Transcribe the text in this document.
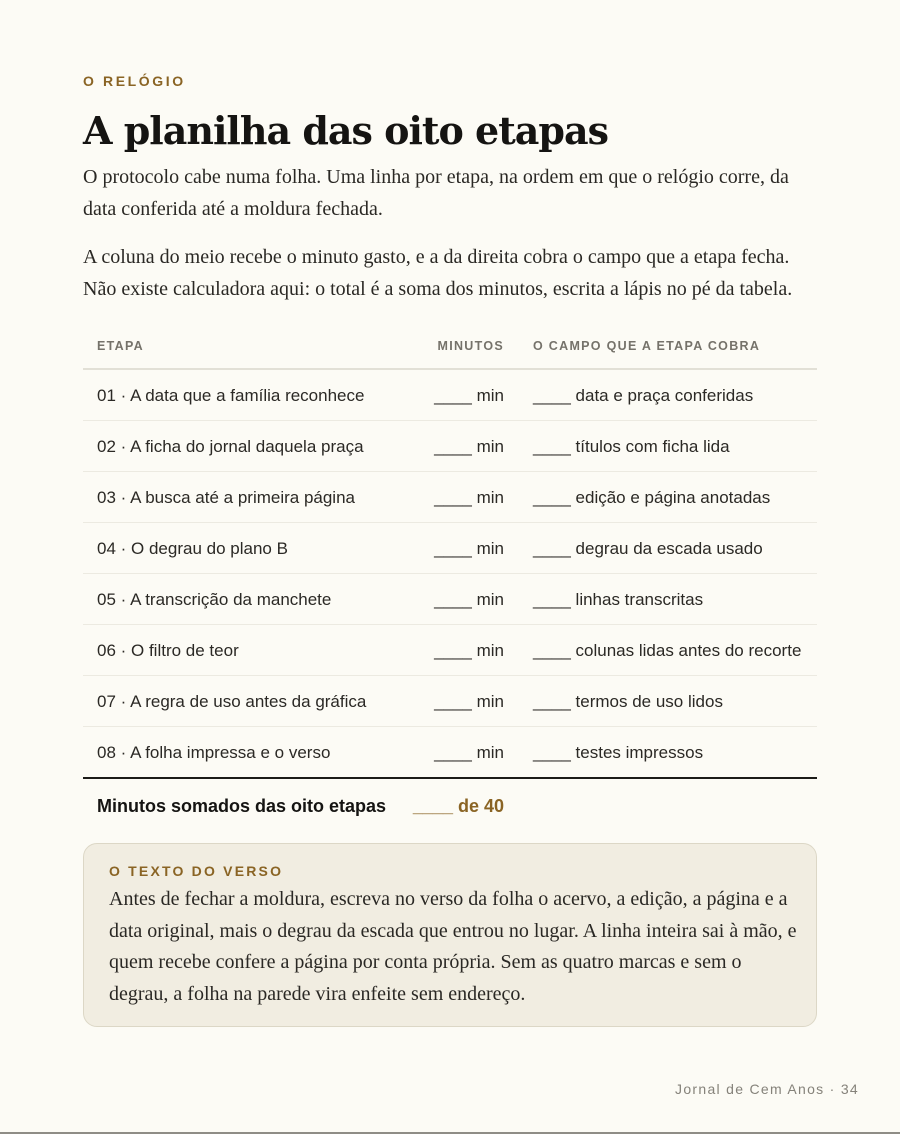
O RELÓGIO
A planilha das oito etapas

O protocolo cabe numa folha. Uma linha por etapa, na ordem em que o relógio corre, da data conferida até a moldura fechada.

A coluna do meio recebe o minuto gasto, e a da direita cobra o campo que a etapa fecha. Não existe calculadora aqui: o total é a soma dos minutos, escrita a lápis no pé da tabela.

ETAPA	MINUTOS O CAMPO QUE A ETAPA COBRA
01 · A data que a família reconhece	____ min ____ data e praça conferidas
02 · A ficha do jornal daquela praça	____ min ____ títulos com ficha lida
03 · A busca até a primeira página	____ min ____ edição e página anotadas
04 · O degrau do plano B	____ min ____ degrau da escada usado
05 · A transcrição da manchete	____ min ____ linhas transcritas
06 · O filtro de teor	____ min ____ colunas lidas antes do recorte
07 · A regra de uso antes da gráfica	____ min ____ termos de uso lidos
08 · A folha impressa e o verso	____ min ____ testes impressos
Minutos somados das oito etapas ____ de 40
O TEXTO DO VERSO

Antes de fechar a moldura, escreva no verso da folha o acervo, a edição, a página e a data original, mais o degrau da escada que entrou no lugar. A linha inteira sai à mão, e quem recebe confere a página por conta própria. Sem as quatro marcas e sem o degrau, a folha na parede vira enfeite sem endereço.

Jornal de Cem Anos · 34
